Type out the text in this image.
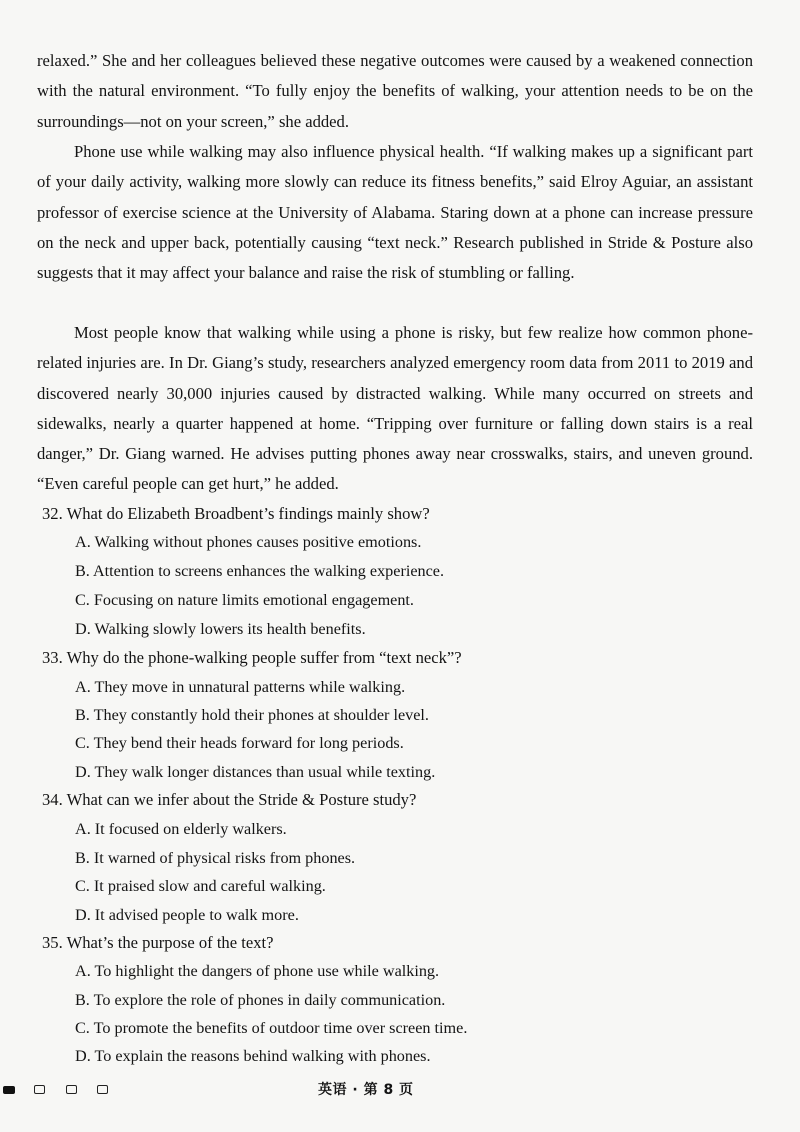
relaxed.” She and her colleagues believed these negative outcomes were caused by a weakened connection with the natural environment. “To fully enjoy the benefits of walking, your attention needs to be on the surroundings—not on your screen,” she added.

Phone use while walking may also influence physical health. “If walking makes up a significant part of your daily activity, walking more slowly can reduce its fitness benefits,” said Elroy Aguiar, an assistant professor of exercise science at the University of Alabama. Staring down at a phone can increase pressure on the neck and upper back, potentially causing “text neck.” Research published in Stride & Posture also suggests that it may affect your balance and raise the risk of stumbling or falling.

Most people know that walking while using a phone is risky, but few realize how common phone-related injuries are. In Dr. Giang’s study, researchers analyzed emergency room data from 2011 to 2019 and discovered nearly 30,000 injuries caused by distracted walking. While many occurred on streets and sidewalks, nearly a quarter happened at home. “Tripping over furniture or falling down stairs is a real danger,” Dr. Giang warned. He advises putting phones away near crosswalks, stairs, and uneven ground. “Even careful people can get hurt,” he added.

32. What do Elizabeth Broadbent’s findings mainly show?
A. Walking without phones causes positive emotions.
B. Attention to screens enhances the walking experience.
C. Focusing on nature limits emotional engagement.
D. Walking slowly lowers its health benefits.
33. Why do the phone-walking people suffer from “text neck”?
A. They move in unnatural patterns while walking.
B. They constantly hold their phones at shoulder level.
C. They bend their heads forward for long periods.
D. They walk longer distances than usual while texting.
34. What can we infer about the Stride & Posture study?
A. It focused on elderly walkers.
B. It warned of physical risks from phones.
C. It praised slow and careful walking.
D. It advised people to walk more.
35. What’s the purpose of the text?
A. To highlight the dangers of phone use while walking.
B. To explore the role of phones in daily communication.
C. To promote the benefits of outdoor time over screen time.
D. To explain the reasons behind walking with phones.
英语 · 第 8 页
